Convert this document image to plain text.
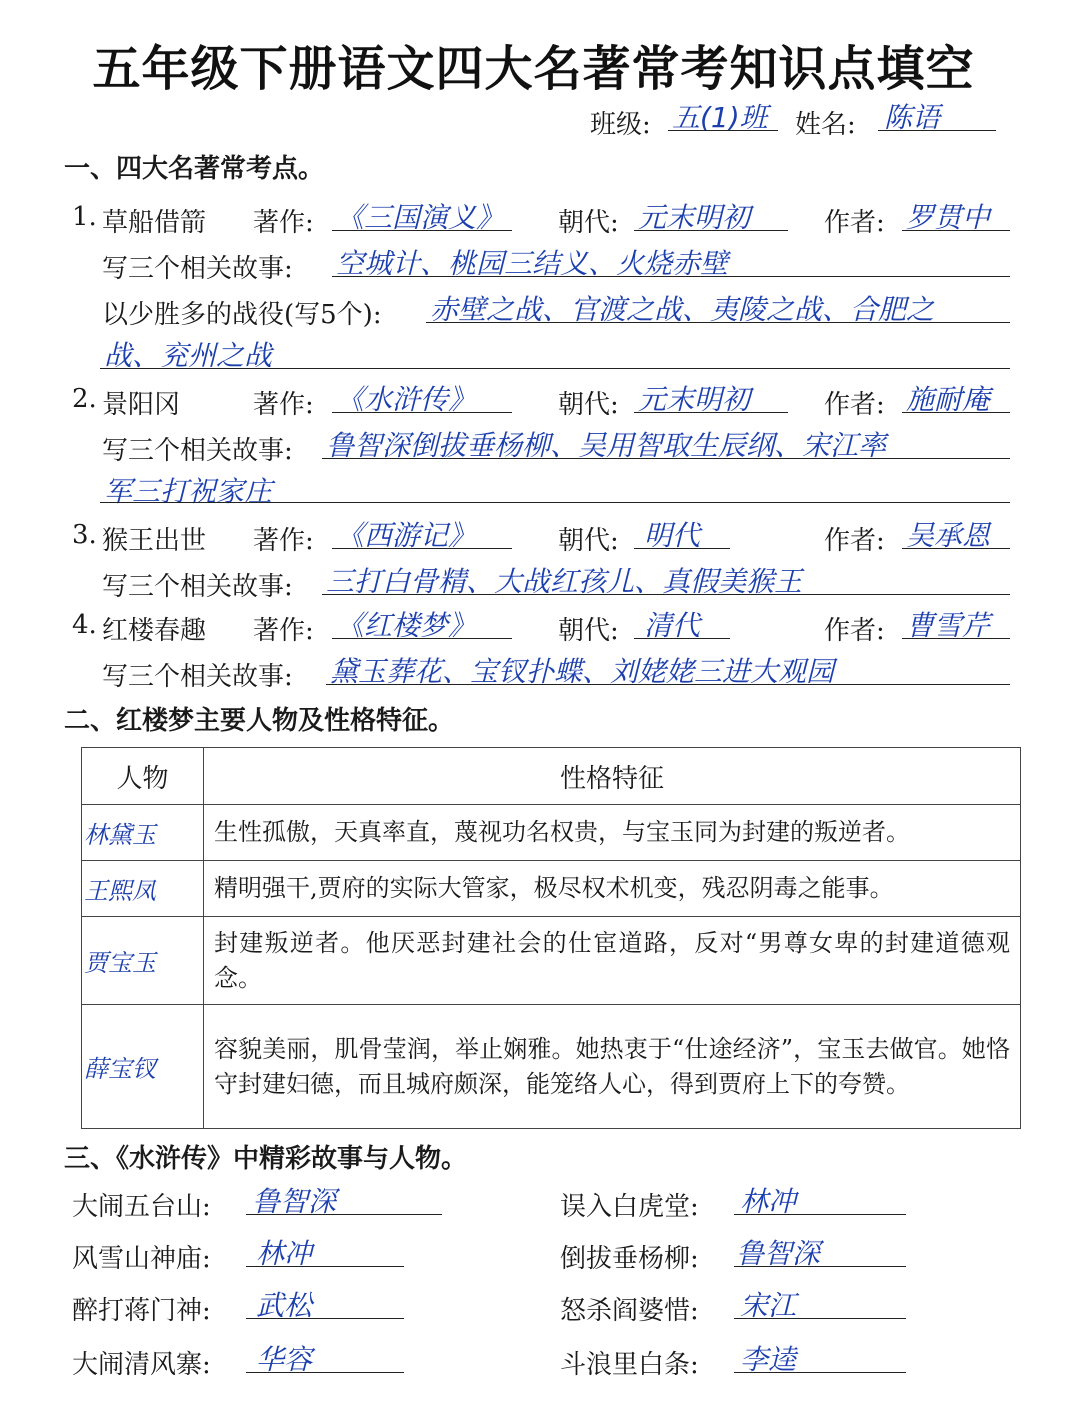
五年级下册语文四大名著常考知识点填空
班级: 五(1)班 姓名: 陈语
一、四大名著常考点。
1. 草船借箭 著作: 《三国演义》 朝代: 元末明初	作者: 罗贯中
写三个相关故事: 空城计、桃园三结义、火烧赤壁
以少胜多的战役(写5个): 赤壁之战、官渡之战、夷陵之战、合肥之
战、兖州之战
2. 景阳冈	著作: 《水浒传》	朝代: 元末明初	作者: 施耐庵
写三个相关故事: 鲁智深倒拔垂杨柳、吴用智取生辰纲、宋江率
军三打祝家庄
3. 猴王出世 著作: 《西游记》	朝代: 明代	作者: 吴承恩
写三个相关故事: 三打白骨精、大战红孩儿、真假美猴王
4. 红楼春趣 著作: 《红楼梦》	朝代: 清代	作者: 曹雪芹
写三个相关故事: 黛玉葬花、宝钗扑蝶、刘姥姥三进大观园
二、红楼梦主要人物及性格特征。
人物	性格特征
林黛玉	生性孤傲，天真率直，蔑视功名权贵，与宝玉同为封建的叛逆者。
王熙凤	精明强干,贾府的实际大管家，极尽权术机变，残忍阴毒之能事。
贾宝玉	封建叛逆者。他厌恶封建社会的仕宦道路，反对“男尊女卑的封建道德观念。
薛宝钗	容貌美丽，肌骨莹润，举止娴雅。她热衷于“仕途经济”，宝玉去做官。她恪守封建妇德，而且城府颇深，能笼络人心，得到贾府上下的夸赞。
三、《水浒传》中精彩故事与人物。
大闹五台山: 鲁智深
风雪山神庙: 林冲
醉打蒋门神: 武松
大闹清风寨: 华容
误入白虎堂: 林冲
倒拔垂杨柳: 鲁智深
怒杀阎婆惜: 宋江
斗浪里白条: 李逵
